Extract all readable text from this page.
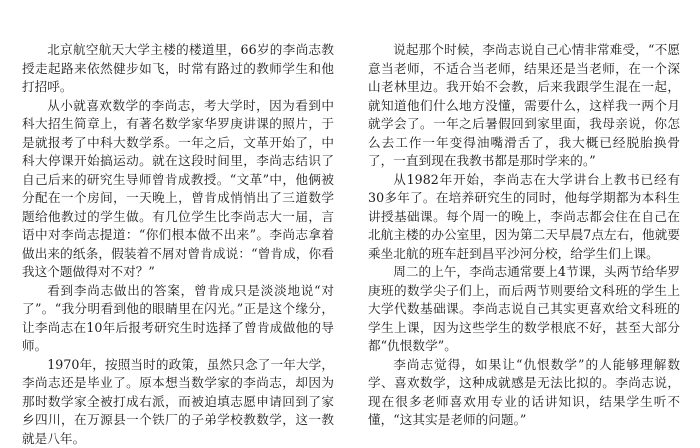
北京航空航天大学主楼的楼道里，66岁的李尚志教授走起路来依然健步如飞，时常有路过的教师学生和他打招呼。

从小就喜欢数学的李尚志，考大学时，因为看到中科大招生简章上，有著名数学家华罗庚讲课的照片，于是就报考了中科大数学系。一年之后，文革开始了，中科大停课开始搞运动。就在这段时间里，李尚志结识了自己后来的研究生导师曾肯成教授。“文革”中，他俩被分配在一个房间，一天晚上，曾肯成悄悄出了三道数学题给他教过的学生做。有几位学生比李尚志大一届，言语中对李尚志提道：“你们根本做不出来”。李尚志拿着做出来的纸条，假装着不屑对曾肯成说：“曾肯成，你看我这个题做得对不对？”

看到李尚志做出的答案，曾肯成只是淡淡地说“对了”。“我分明看到他的眼睛里在闪光。”正是这个缘分，让李尚志在10年后报考研究生时选择了曾肯成做他的导师。

1970年，按照当时的政策，虽然只念了一年大学，李尚志还是毕业了。原本想当数学家的李尚志，却因为那时数学家全被打成右派，而被迫填志愿申请回到了家乡四川，在万源县一个铁厂的子弟学校教数学，这一教就是八年。

说起那个时候，李尚志说自己心情非常难受，“不愿意当老师，不适合当老师，结果还是当老师，在一个深山老林里边。我开始不会教，后来我跟学生混在一起，就知道他们什么地方没懂，需要什么，这样我一两个月就学会了。一年之后暑假回到家里面，我母亲说，你怎么去工作一年变得油嘴滑舌了，我大概已经脱胎换骨了，一直到现在我教书都是那时学来的。”

从1982年开始，李尚志在大学讲台上教书已经有30多年了。在培养研究生的同时，他每学期都为本科生讲授基础课。每个周一的晚上，李尚志都会住在自己在北航主楼的办公室里，因为第二天早晨7点左右，他就要乘坐北航的班车赶到昌平沙河分校，给学生们上课。

周二的上午，李尚志通常要上4节课，头两节给华罗庚班的数学尖子们上，而后两节则要给文科班的学生上大学代数基础课。李尚志说自己其实更喜欢给文科班的学生上课，因为这些学生的数学根底不好，甚至大部分都“仇恨数学”。

李尚志觉得，如果让“仇恨数学”的人能够理解数学、喜欢数学，这种成就感是无法比拟的。李尚志说，现在很多老师喜欢用专业的话讲知识，结果学生听不懂，“这其实是老师的问题。”
